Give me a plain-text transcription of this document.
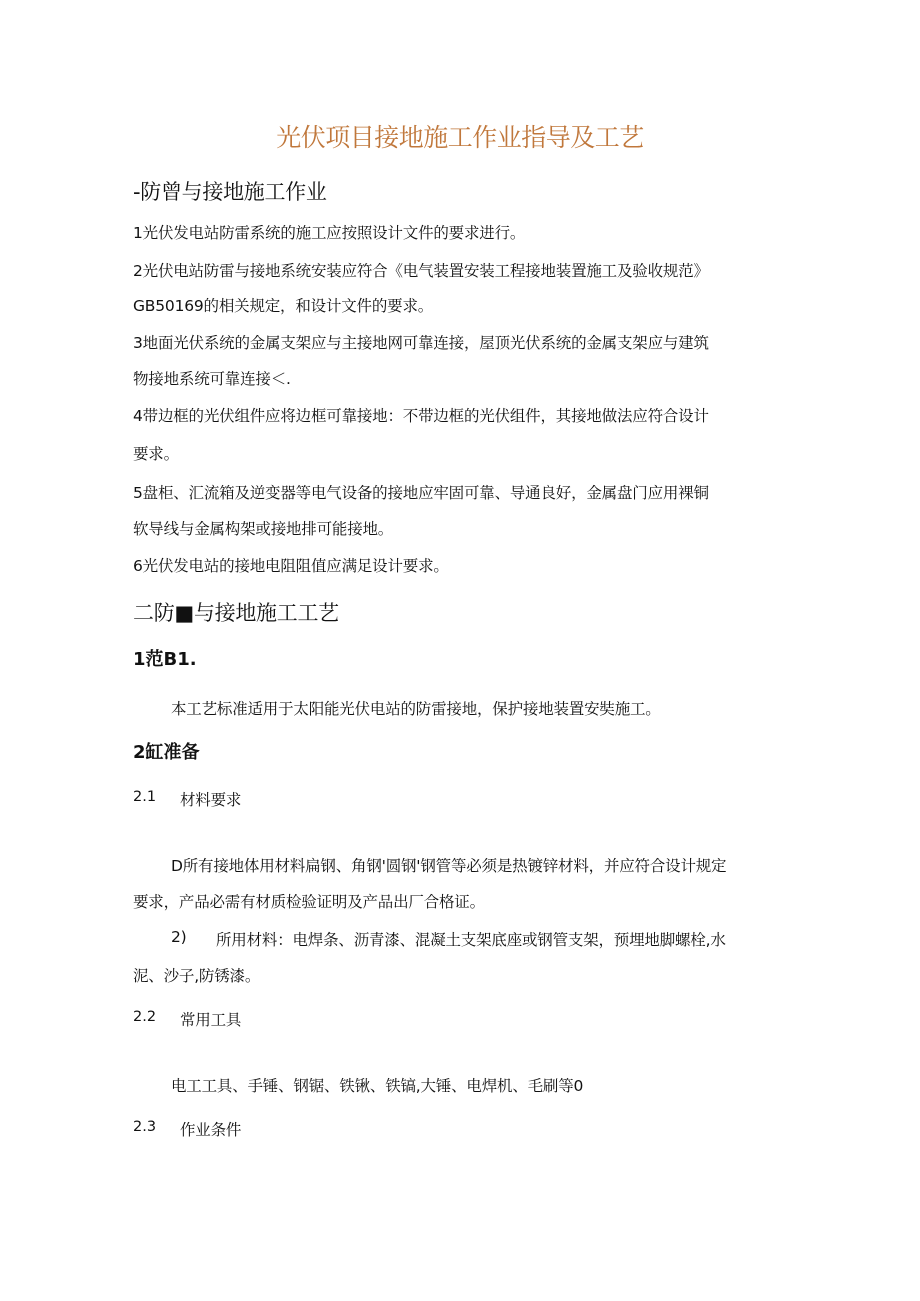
光伏项目接地施工作业指导及工艺
-防曾与接地施工作业
1光伏发电站防雷系统的施工应按照设计文件的要求进行。
2光伏电站防雷与接地系统安装应符合《电气装置安装工程接地装置施工及验收规范》
GB50169的相关规定，和设计文件的要求。
3地面光伏系统的金属支架应与主接地网可靠连接，屋顶光伏系统的金属支架应与建筑
物接地系统可靠连接＜.
4带边框的光伏组件应将边框可靠接地：不带边框的光伏组件，其接地做法应符合设计
要求。
5盘柜、汇流箱及逆变器等电气设备的接地应牢固可靠、导通良好，金属盘门应用裸铜
软导线与金属构架或接地排可能接地。
6光伏发电站的接地电阻阻值应满足设计要求。
二防■与接地施工工艺
1范B1.
本工艺标准适用于太阳能光伏电站的防雷接地，保护接地装置安奘施工。
2缸准备
2.1 材料要求
D所有接地体用材料扁钢、角钢'圆钢'钢管等必须是热镀锌材料，并应符合设计规定
要求，产品必需有材质检验证明及产品出厂合格证。
2) 所用材料：电焊条、沥青漆、混凝土支架底座或钢管支架，预埋地脚螺栓,水
泥、沙子,防锈漆。
2.2 常用工具
电工工具、手锤、钢锯、铁锹、铁镐,大锤、电焊机、毛刷等0
2.3 作业条件
